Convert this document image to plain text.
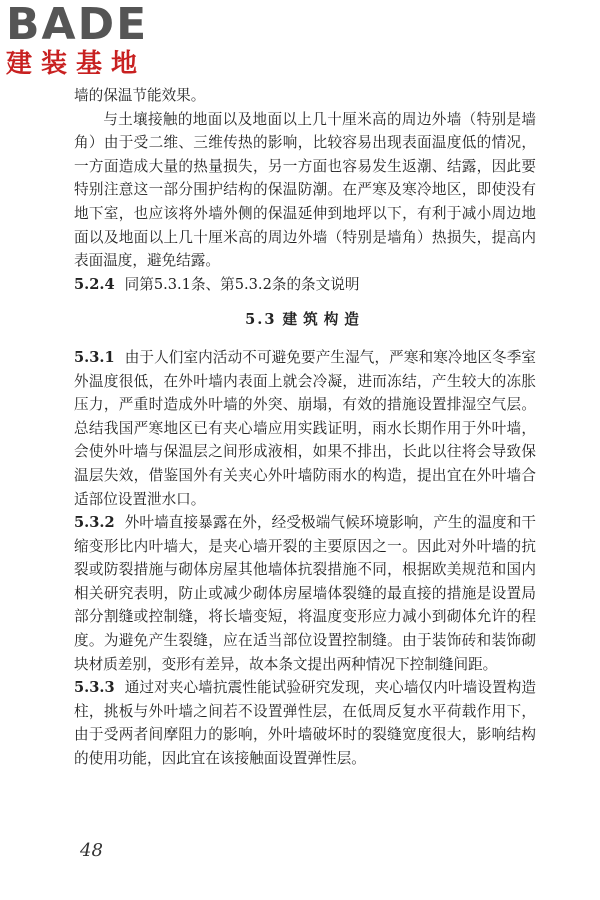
BADE
建装基地

墙的保温节能效果。

与土壤接触的地面以及地面以上几十厘米高的周边外墙（特别是墙角）由于受二维、三维传热的影响，比较容易出现表面温度低的情况，一方面造成大量的热量损失，另一方面也容易发生返潮、结露，因此要特别注意这一部分围护结构的保温防潮。在严寒及寒冷地区，即使没有地下室，也应该将外墙外侧的保温延伸到地坪以下，有利于减小周边地面以及地面以上几十厘米高的周边外墙（特别是墙角）热损失，提高内表面温度，避免结露。

5.2.4 同第5.3.1条、第5.3.2条的条文说明

5.3 建筑构造

5.3.1 由于人们室内活动不可避免要产生湿气，严寒和寒冷地区冬季室外温度很低，在外叶墙内表面上就会冷凝，进而冻结，产生较大的冻胀压力，严重时造成外叶墙的外突、崩塌，有效的措施设置排湿空气层。总结我国严寒地区已有夹心墙应用实践证明，雨水长期作用于外叶墙，会使外叶墙与保温层之间形成液相，如果不排出，长此以往将会导致保温层失效，借鉴国外有关夹心外叶墙防雨水的构造，提出宜在外叶墙合适部位设置泄水口。

5.3.2 外叶墙直接暴露在外，经受极端气候环境影响，产生的温度和干缩变形比内叶墙大，是夹心墙开裂的主要原因之一。因此对外叶墙的抗裂或防裂措施与砌体房屋其他墙体抗裂措施不同，根据欧美规范和国内相关研究表明，防止或减少砌体房屋墙体裂缝的最直接的措施是设置局部分割缝或控制缝，将长墙变短，将温度变形应力减小到砌体允许的程度。为避免产生裂缝，应在适当部位设置控制缝。由于装饰砖和装饰砌块材质差别，变形有差异，故本条文提出两种情况下控制缝间距。

5.3.3 通过对夹心墙抗震性能试验研究发现，夹心墙仅内叶墙设置构造柱，挑板与外叶墙之间若不设置弹性层，在低周反复水平荷载作用下，由于受两者间摩阻力的影响，外叶墙破坏时的裂缝宽度很大，影响结构的使用功能，因此宜在该接触面设置弹性层。

48
